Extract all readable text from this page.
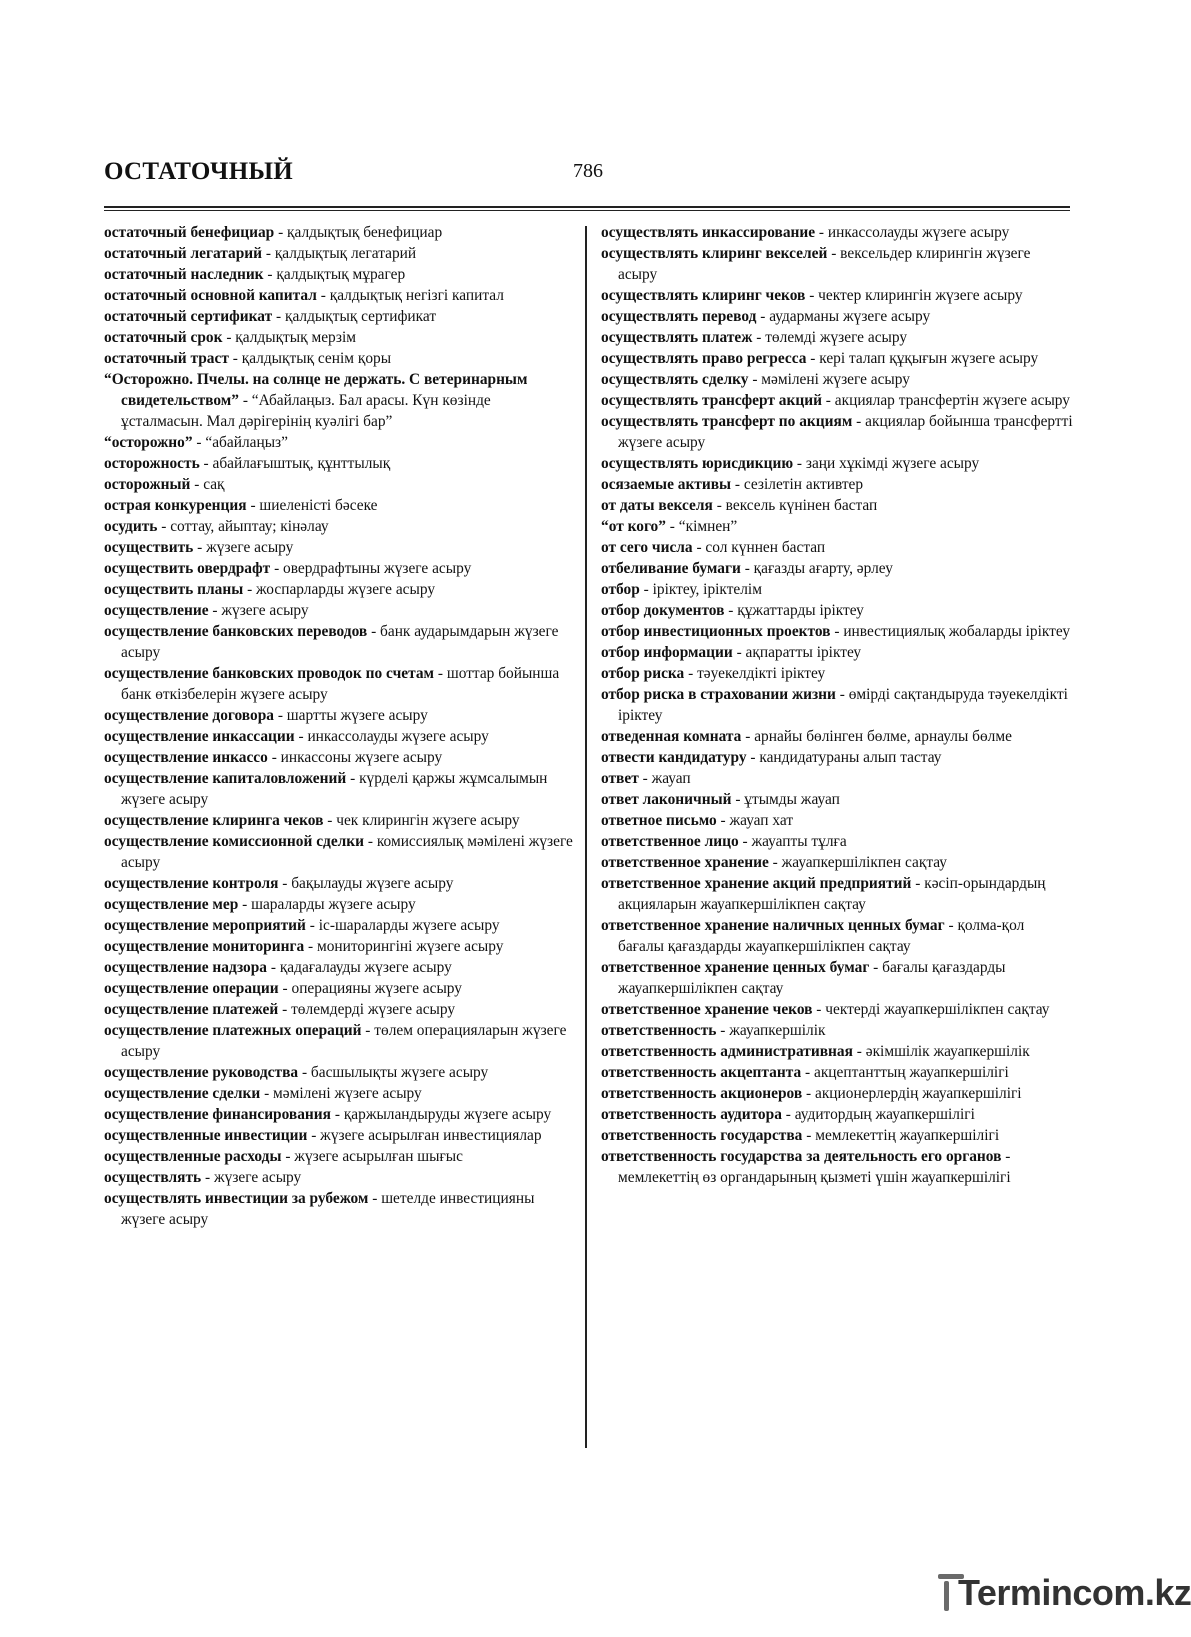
ОСТАТОЧНЫЙ	786

остаточный бенефициар - қалдықтық бенефициар

остаточный легатарий - қалдықтық легатарий

остаточный наследник - қалдықтық мұрагер

остаточный основной капитал - қалдықтық негізгі капитал

остаточный сертификат - қалдықтық сертификат

остаточный срок - қалдықтық мерзім

остаточный траст - қалдықтық сенім қоры

“Осторожно. Пчелы. на солнце не держать. С ветеринарным свидетельством” - “Абайлаңыз. Бал арасы. Күн көзінде ұсталмасын. Мал дәрігерінің куәлігі бар”

“осторожно” - “абайлаңыз”

осторожность - абайлағыштық, құнттылық

осторожный - сақ

острая конкуренция - шиеленісті бәсеке

осудить - соттау, айыптау; кінәлау

осуществить - жүзеге асыру

осуществить овердрафт - овердрафтыны жүзеге асыру

осуществить планы - жоспарларды жүзеге асыру

осуществление - жүзеге асыру

осуществление банковских переводов - банк аударымдарын жүзеге асыру

осуществление банковских проводок по счетам - шоттар бойынша банк өткізбелерін жүзеге асыру

осуществление договора - шартты жүзеге асыру

осуществление инкассации - инкассолауды жүзеге асыру

осуществление инкассо - инкассоны жүзеге асыру

осуществление капиталовложений - күрделі қаржы жұмсалымын жүзеге асыру

осуществление клиринга чеков - чек клирингін жүзеге асыру

осуществление комиссионной сделки - комиссиялық мәмілені жүзеге асыру

осуществление контроля - бақылауды жүзеге асыру

осуществление мер - шараларды жүзеге асыру

осуществление мероприятий - іс-шараларды жүзеге асыру

осуществление мониторинга - мониторингіні жүзеге асыру

осуществление надзора - қадағалауды жүзеге асыру

осуществление операции - операцияны жүзеге асыру

осуществление платежей - төлемдерді жүзеге асыру

осуществление платежных операций - төлем операцияларын жүзеге асыру

осуществление руководства - басшылықты жүзеге асыру

осуществление сделки - мәмілені жүзеге асыру

осуществление финансирования - қаржыландыруды жүзеге асыру

осуществленные инвестиции - жүзеге асырылған инвестициялар

осуществленные расходы - жүзеге асырылған шығыс

осуществлять - жүзеге асыру

осуществлять инвестиции за рубежом - шетелде инвестицияны жүзеге асыру

осуществлять инкассирование - инкассолауды жүзеге асыру

осуществлять клиринг векселей - вексельдер клирингін жүзеге асыру

осуществлять клиринг чеков - чектер клирингін жүзеге асыру

осуществлять перевод - аударманы жүзеге асыру

осуществлять платеж - төлемді жүзеге асыру

осуществлять право регресса - кері талап құқығын жүзеге асыру

осуществлять сделку - мәмілені жүзеге асыру

осуществлять трансферт акций - акциялар трансфертін жүзеге асыру

осуществлять трансферт по акциям - акциялар бойынша трансфертті жүзеге асыру

осуществлять юрисдикцию - заңи хұкімді жүзеге асыру

осязаемые активы - сезілетін активтер

от даты векселя - вексель күнінен бастап

“от кого” - “кімнен”

от сего числа - сол күннен бастап

отбеливание бумаги - қағазды ағарту, әрлеу

отбор - іріктеу, іріктелім

отбор документов - құжаттарды іріктеу

отбор инвестиционных проектов - инвестициялық жобаларды іріктеу

отбор информации - ақпаратты іріктеу

отбор риска - тәуекелдікті іріктеу

отбор риска в страховании жизни - өмірді сақтандыруда тәуекелдікті іріктеу

отведенная комната - арнайы бөлінген бөлме, арнаулы бөлме

отвести кандидатуру - кандидатураны алып тастау

ответ - жауап

ответ лаконичный - ұтымды жауап

ответное письмо - жауап хат

ответственное лицо - жауапты тұлға

ответственное хранение - жауапкершілікпен сақтау

ответственное хранение акций предприятий - кәсіп-орындардың акцияларын жауапкершілікпен сақтау

ответственное хранение наличных ценных бумаг - қолма-қол бағалы қағаздарды жауапкершілікпен сақтау

ответственное хранение ценных бумаг - бағалы қағаздарды жауапкершілікпен сақтау

ответственное хранение чеков - чектерді жауапкершілікпен сақтау

ответственность - жауапкершілік

ответственность административная - әкімшілік жауапкершілік

ответственность акцептанта - акцептанттың жауапкершілігі

ответственность акционеров - акционерлердің жауапкершілігі

ответственность аудитора - аудитордың жауапкершілігі

ответственность государства - мемлекеттің жауапкершілігі

ответственность государства за деятельность его органов - мемлекеттің өз органдарының қызметі үшін жауапкершілігі

Termincom.kz
